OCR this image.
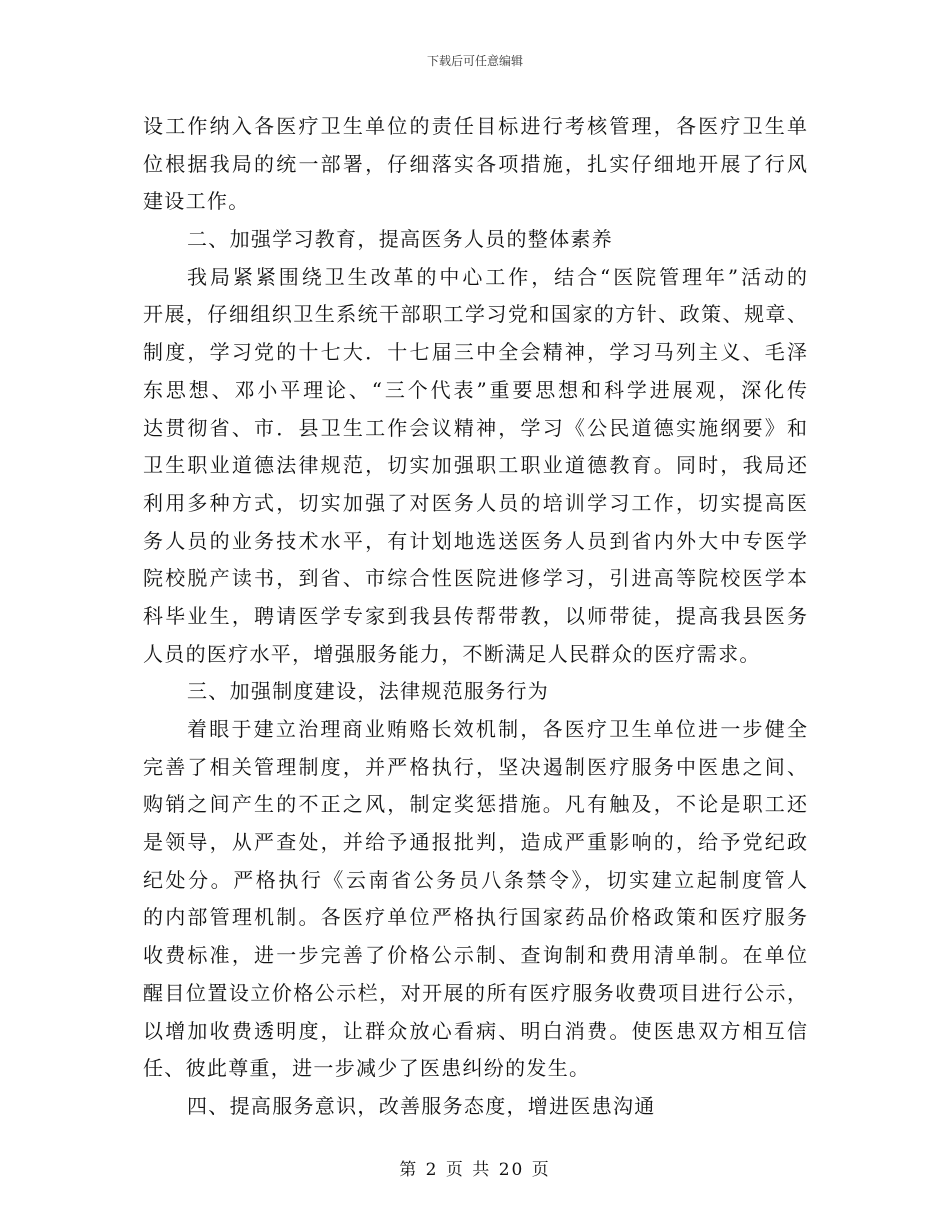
下载后可任意编辑
设工作纳入各医疗卫生单位的责任目标进行考核管理，各医疗卫生单
位根据我局的统一部署，仔细落实各项措施，扎实仔细地开展了行风
建设工作。
二、加强学习教育，提高医务人员的整体素养
我局紧紧围绕卫生改革的中心工作，结合“医院管理年”活动的
开展，仔细组织卫生系统干部职工学习党和国家的方针、政策、规章、
制度，学习党的十七大．十七届三中全会精神，学习马列主义、毛泽
东思想、邓小平理论、“三个代表”重要思想和科学进展观，深化传
达贯彻省、市．县卫生工作会议精神，学习《公民道德实施纲要》和
卫生职业道德法律规范，切实加强职工职业道德教育。同时，我局还
利用多种方式，切实加强了对医务人员的培训学习工作，切实提高医
务人员的业务技术水平，有计划地选送医务人员到省内外大中专医学
院校脱产读书，到省、市综合性医院进修学习，引进高等院校医学本
科毕业生，聘请医学专家到我县传帮带教，以师带徒，提高我县医务
人员的医疗水平，增强服务能力，不断满足人民群众的医疗需求。
三、加强制度建设，法律规范服务行为
着眼于建立治理商业贿赂长效机制，各医疗卫生单位进一步健全
完善了相关管理制度，并严格执行，坚决遏制医疗服务中医患之间、
购销之间产生的不正之风，制定奖惩措施。凡有触及，不论是职工还
是领导，从严查处，并给予通报批判，造成严重影响的，给予党纪政
纪处分。严格执行《云南省公务员八条禁令》，切实建立起制度管人
的内部管理机制。各医疗单位严格执行国家药品价格政策和医疗服务
收费标准，进一步完善了价格公示制、查询制和费用清单制。在单位
醒目位置设立价格公示栏，对开展的所有医疗服务收费项目进行公示，
以增加收费透明度，让群众放心看病、明白消费。使医患双方相互信
任、彼此尊重，进一步减少了医患纠纷的发生。
四、提高服务意识，改善服务态度，增进医患沟通
第 2 页 共 20 页
